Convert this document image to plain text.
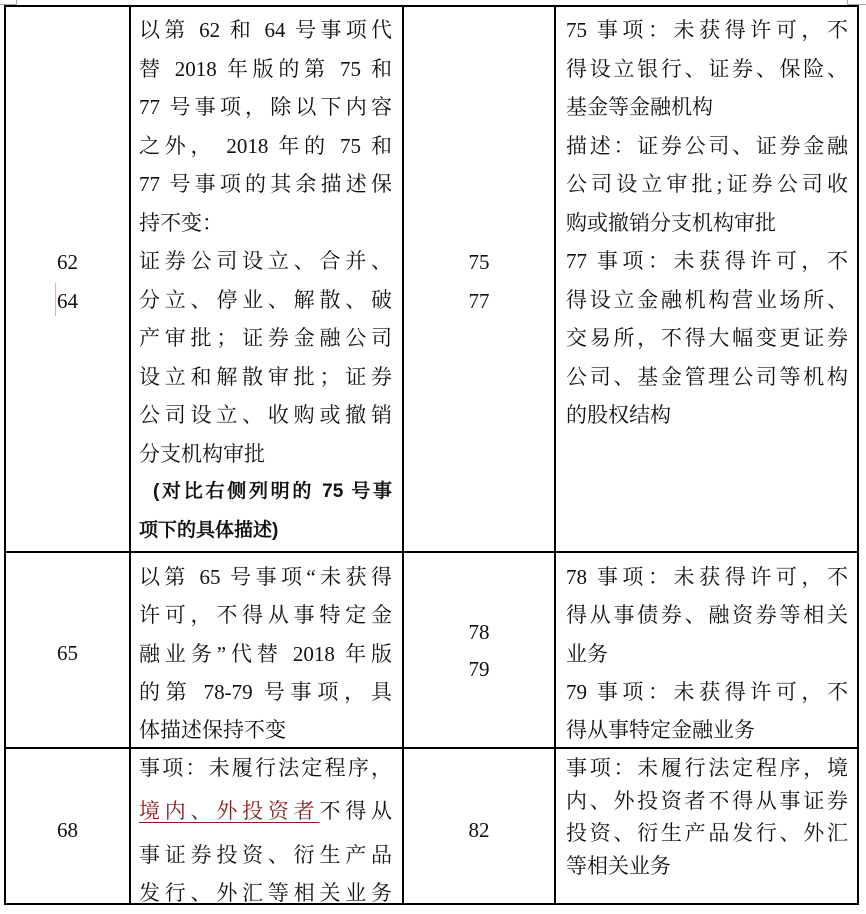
62
64
以第 62 和 64 号事项代
替 2018 年版的第 75 和
77 号事项，除以下内容
之外， 2018 年的 75 和
77 号事项的其余描述保
持不变：
证券公司设立、合并、
分立、停业、解散、破
产审批；证券金融公司
设立和解散审批；证券
公司设立、收购或撤销
分支机构审批
(对比右侧列明的 75 号事
项下的具体描述)
75
77
75 事项：未获得许可，不
得设立银行、证券、保险、
基金等金融机构
描述：证券公司、证券金融
公司设立审批;证券公司收
购或撤销分支机构审批
77 事项：未获得许可，不
得设立金融机构营业场所、
交易所，不得大幅变更证券
公司、基金管理公司等机构
的股权结构
65
以第 65 号事项“未获得
许可，不得从事特定金
融业务”代替 2018 年版
的第 78-79 号事项，具
体描述保持不变
78
79
78 事项：未获得许可，不
得从事债券、融资券等相关
业务
79 事项：未获得许可，不
得从事特定金融业务
68
事项：未履行法定程序，
境内、外投资者不得从
事证券投资、衍生产品
发行、外汇等相关业务
82
事项：未履行法定程序，境
内、外投资者不得从事证券
投资、衍生产品发行、外汇
等相关业务
